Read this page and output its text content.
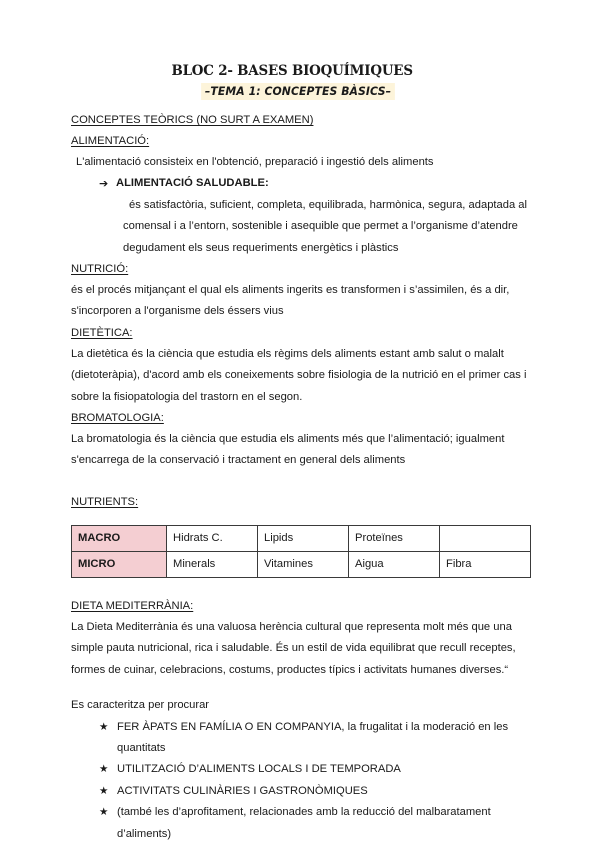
BLOC 2- BASES BIOQUÍMIQUES
–TEMA 1: CONCEPTES BÀSICS–
CONCEPTES TEÒRICS (NO SURT A EXAMEN)
ALIMENTACIÓ:
L'alimentació consisteix en l'obtenció, preparació i ingestió dels aliments
➔ ALIMENTACIÓ SALUDABLE:
és satisfactòria, suficient, completa, equilibrada, harmònica, segura, adaptada al
comensal i a l’entorn, sostenible i asequible que permet a l’organisme d’atendre
degudament els seus requeriments energètics i plàstics
NUTRICIÓ:
és el procés mitjançant el qual els aliments ingerits es transformen i s’assimilen, és a dir,
s'incorporen a l'organisme dels éssers vius
DIETÈTICA:
La dietètica és la ciència que estudia els règims dels aliments estant amb salut o malalt
(dietoteràpia), d'acord amb els coneixements sobre fisiologia de la nutrició en el primer cas i
sobre la fisiopatologia del trastorn en el segon.
BROMATOLOGIA:
La bromatologia és la ciència que estudia els aliments més que l’alimentació; igualment
s'encarrega de la conservació i tractament en general dels aliments
NUTRIENTS:
MACRO	Hidrats C.	Lipids	Proteïnes	
MICRO	Minerals	Vitamines	Aigua	Fibra
DIETA MEDITERRÀNIA:
La Dieta Mediterrània és una valuosa herència cultural que representa molt més que una
simple pauta nutricional, rica i saludable. És un estil de vida equilibrat que recull receptes,
formes de cuinar, celebracions, costums, productes típics i activitats humanes diverses.“
Es caracteritza per procurar
★ FER ÀPATS EN FAMÍLIA O EN COMPANYIA, la frugalitat i la moderació en les
quantitats
★ UTILITZACIÓ D’ALIMENTS LOCALS I DE TEMPORADA
★ ACTIVITATS CULINÀRIES I GASTRONÒMIQUES
★ (també les d’aprofitament, relacionades amb la reducció del malbaratament
d’aliments)
